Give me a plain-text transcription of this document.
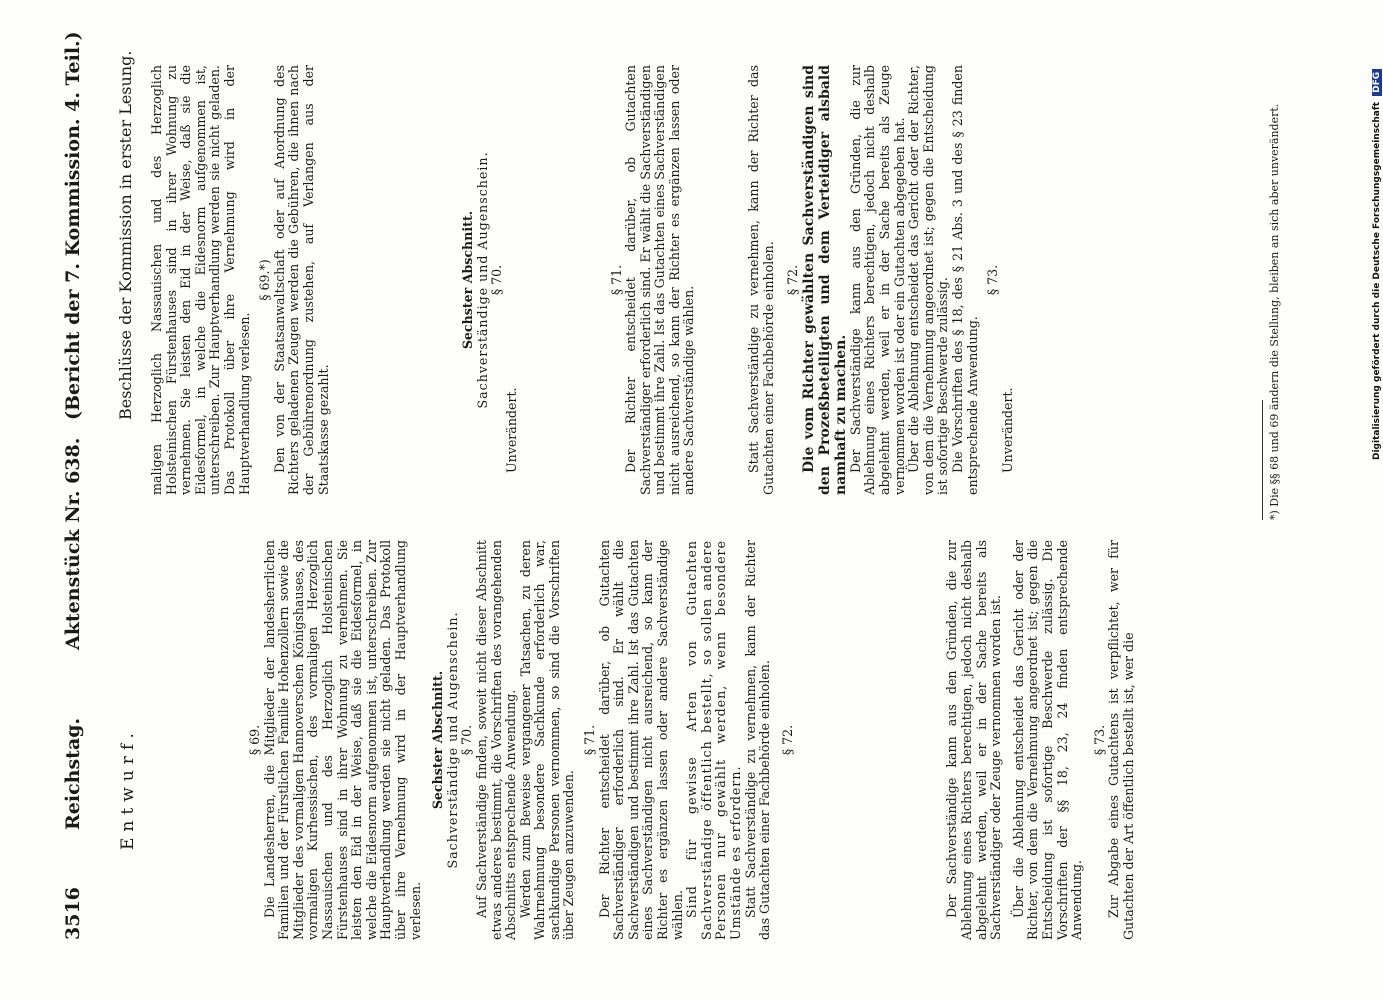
3516
Reichstag.
Aktenstück Nr. 638.
(Bericht der 7. Kommission. 4. Teil.)
Entwurf.
Beschlüsse der Kommission in erster Lesung.
§ 69. Die Landesherren, die Mitglieder der landesherrlichen Familien und der Fürstlichen Familie Hohenzollern sowie die Mitglieder des vormaligen Hannoverschen Königshauses, des vormaligen Kurhessischen, des vormaligen Herzoglich Nassauischen und des Herzoglich Holsteinischen Fürstenhauses sind in ihrer Wohnung zu vernehmen. Sie leisten den Eid in der Weise, daß sie die Eidesformel, in welche die Eidesnorm aufgenommen ist, unterschreiben. Zur Hauptverhandlung werden sie nicht geladen. Das Protokoll über ihre Vernehmung wird in der Hauptverhandlung verlesen.

Sechster Abschnitt. Sachverständige und Augenschein. § 70. Auf Sachverständige finden, soweit nicht dieser Abschnitt etwas anderes bestimmt, die Vorschriften des vorangehenden Abschnitts entsprechende Anwendung. Werden zum Beweise vergangener Tatsachen, zu deren Wahrnehmung besondere Sachkunde erforderlich war, sachkundige Personen vernommen, so sind die Vorschriften über Zeugen anzuwenden.

§ 71. Der Richter entscheidet darüber, ob Gutachten Sachverständiger erforderlich sind. Er wählt die Sachverständigen und bestimmt ihre Zahl. Ist das Gutachten eines Sachverständigen nicht ausreichend, so kann der Richter es ergänzen lassen oder andere Sachverständige wählen. Sind für gewisse Arten von Gutachten Sachverständige öffentlich bestellt, so sollen andere Personen nur gewählt werden, wenn besondere Umstände es erfordern. Statt Sachverständige zu vernehmen, kann der Richter das Gutachten einer Fachbehörde einholen. § 72.	Der Sachverständige kann aus den Gründen, die zur Ablehnung eines Richters berechtigen, jedoch nicht deshalb abgelehnt werden, weil er in der Sache bereits als Sachverständiger oder Zeuge vernommen worden ist. Über die Ablehnung entscheidet das Gericht oder der Richter, von dem die Vernehmung angeordnet ist; gegen die Entscheidung ist sofortige Beschwerde zulässig. Die Vorschriften der §§ 18, 23, 24 finden entsprechende Anwendung.

§ 73. Zur Abgabe eines Gutachtens ist verpflichtet, wer für Gutachten der Art öffentlich bestellt ist, wer die

maligen Herzoglich Nassauischen und des Herzoglich Holsteinischen Fürstenhauses sind in ihrer Wohnung zu vernehmen. Sie leisten den Eid in der Weise, daß sie die Eidesformel, in welche die Eidesnorm aufgenommen ist, unterschreiben. Zur Hauptverhandlung werden sie nicht geladen. Das Protokoll über ihre Vernehmung wird in der Hauptverhandlung verlesen.

§ 69.*) Den von der Staatsanwaltschaft oder auf Anordnung des Richters geladenen Zeugen werden die Gebühren, die ihnen nach der Gebührenordnung zustehen, auf Verlangen aus der Staatskasse gezahlt.

Sechster Abschnitt. Sachverständige und Augenschein. § 70.

Unverändert.

§ 71. Der Richter entscheidet darüber, ob Gutachten Sachverständiger erforderlich sind. Er wählt die Sachverständigen und bestimmt ihre Zahl. Ist das Gutachten eines Sachverständigen nicht ausreichend, so kann der Richter es ergänzen lassen oder andere Sachverständige wählen.	Statt Sachverständige zu vernehmen, kann der Richter das Gutachten einer Fachbehörde einholen. § 72. Die vom Richter gewählten Sachverständigen sind den Prozeßbeteiligten und dem Verteidiger alsbald namhaft zu machen. Der Sachverständige kann aus den Gründen, die zur Ablehnung eines Richters berechtigen, jedoch nicht deshalb abgelehnt werden, weil er in der Sache bereits als Zeuge vernommen worden ist oder ein Gutachten abgegeben hat. Über die Ablehnung entscheidet das Gericht oder der Richter, von dem die Vernehmung angeordnet ist; gegen die Entscheidung ist sofortige Beschwerde zulässig. Die Vorschriften des § 18, des § 21 Abs. 3 und des § 23 finden entsprechende Anwendung.

§ 73.

Unverändert.	*) Die §§ 68 und 69 ändern die Stellung, bleiben an sich aber unverändert.	Digitalisierung gefördert durch die Deutsche ForschungsgemeinschaftDFG
